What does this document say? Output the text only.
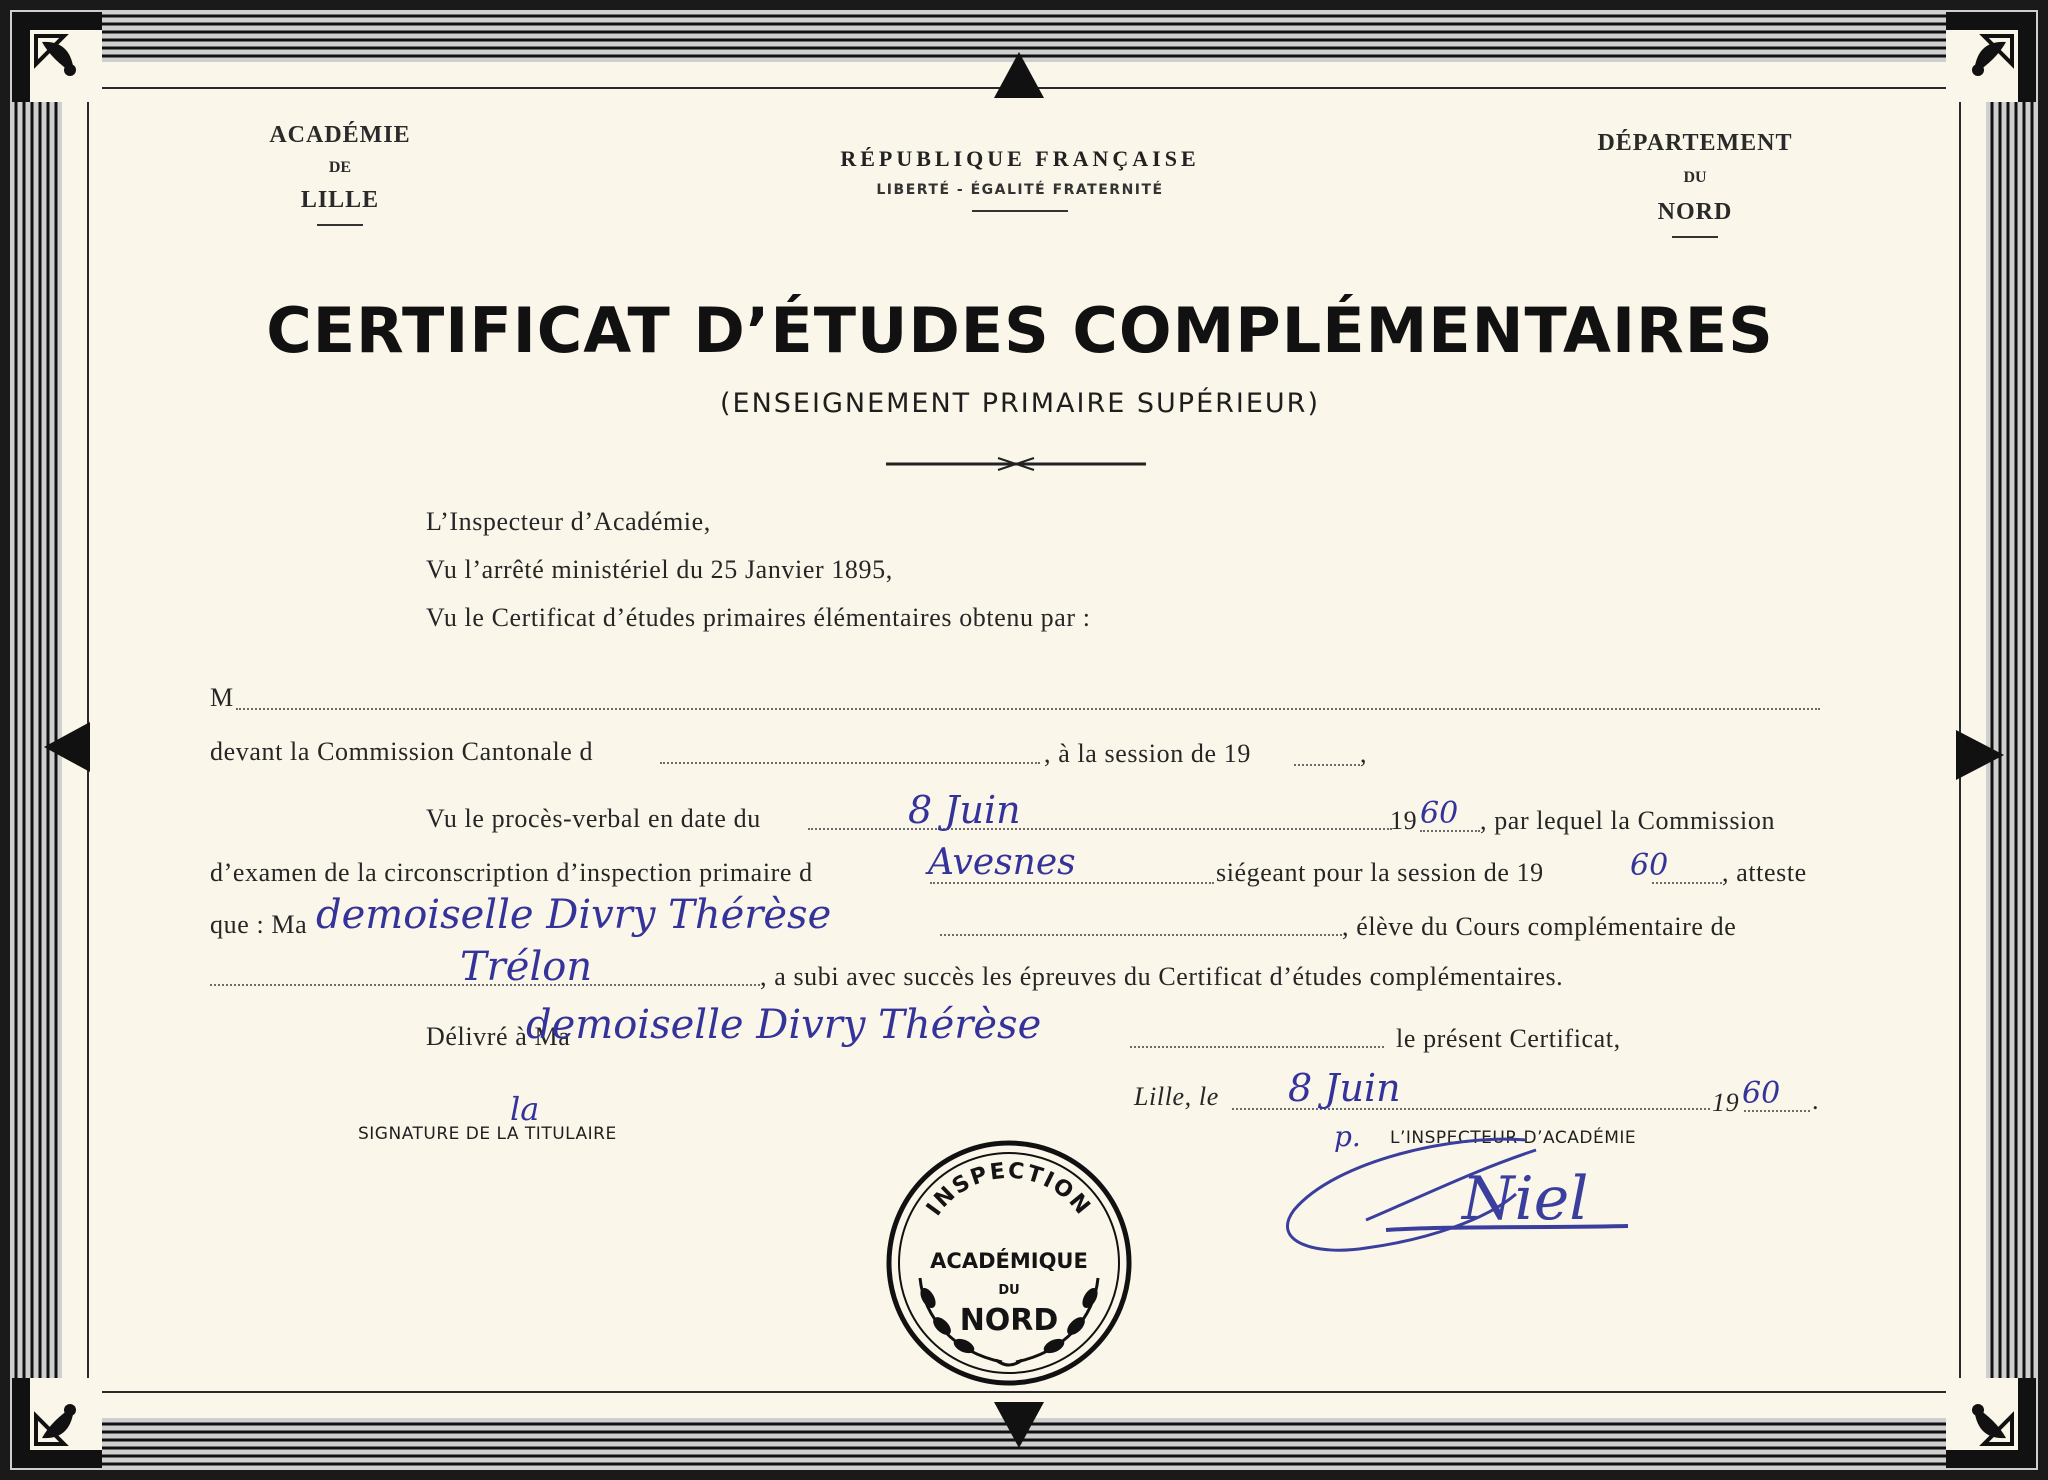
ACADÉMIE
DE
LILLE
RÉPUBLIQUE FRANÇAISE
LIBERTÉ - ÉGALITÉ FRATERNITÉ
DÉPARTEMENT
DU
NORD
CERTIFICAT D’ÉTUDES COMPLÉMENTAIRES
(ENSEIGNEMENT PRIMAIRE SUPÉRIEUR)
L’Inspecteur d’Académie,
Vu l’arrêté ministériel du 25 Janvier 1895,
Vu le Certificat d’études primaires élémentaires obtenu par :
M
devant la Commission Cantonale d	, à la session de 19	,
Vu le procès-verbal en date du	8 Juin	19 60 , par lequel la Commission
d’examen de la circonscription d’inspection primaire d	Avesnes	siégeant pour la session de 19	60 , atteste
que : Ma demoiselle Divry Thérèse	, élève du Cours complémentaire de
Trélon	, a subi avec succès les épreuves du Certificat d’études complémentaires.
Délivré à Ma
demoiselle Divry Thérèse	le présent Certificat,
Lille, le 8 Juin	19 60 .
SIGNATURE DE LA TITULAIRE
la
L’INSPECTEUR D’ACADÉMIE
p.
Niel
INSPECTION
ACADÉMIQUE
DU
NORD
